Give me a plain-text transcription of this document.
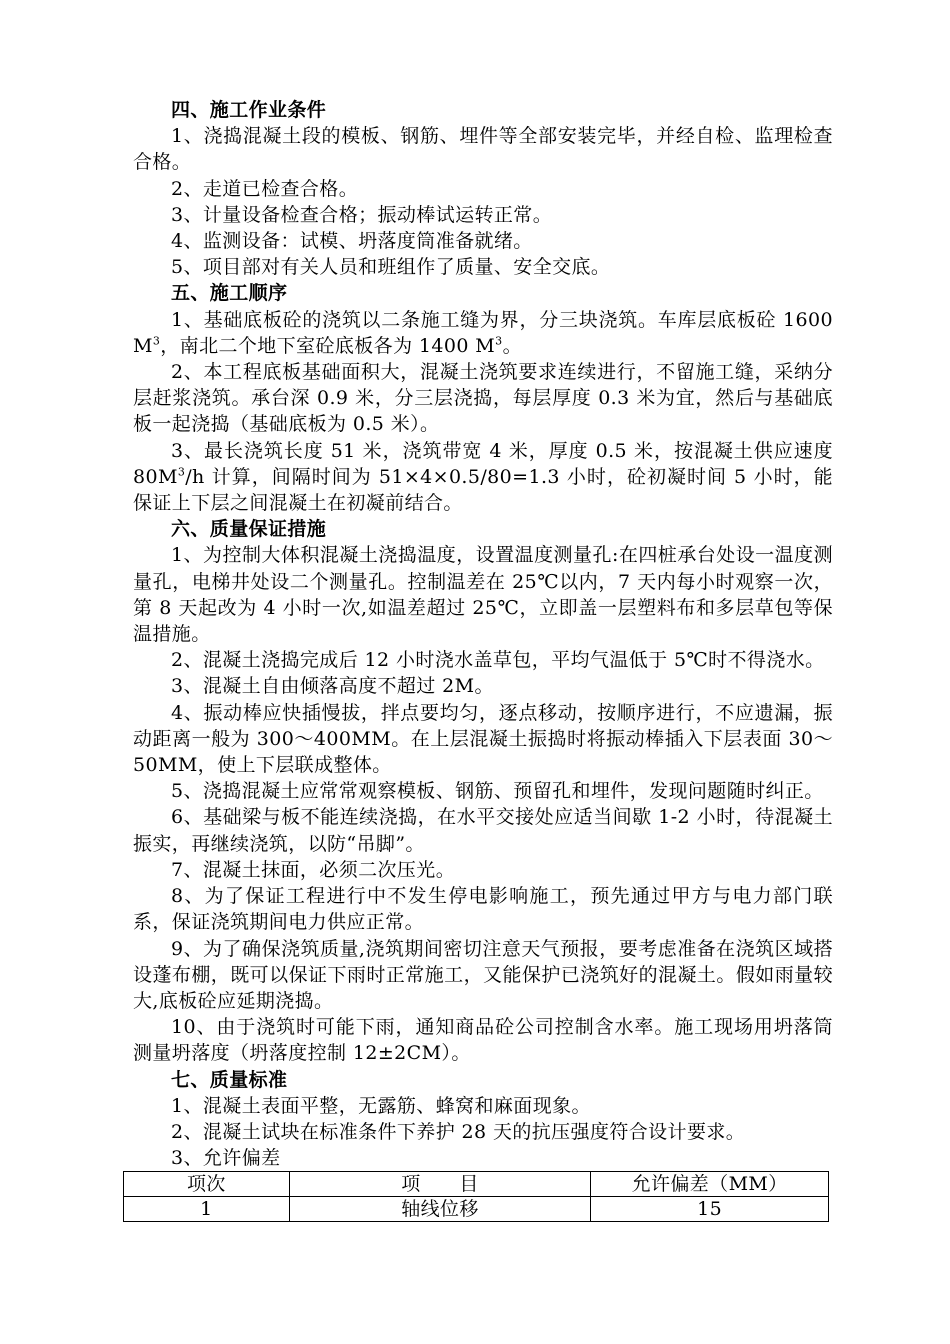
四、施工作业条件

1、浇捣混凝土段的模板、钢筋、埋件等全部安装完毕，并经自检、监理检查合格。

2、走道已检查合格。

3、计量设备检查合格；振动棒试运转正常。

4、监测设备：试模、坍落度筒准备就绪。

5、项目部对有关人员和班组作了质量、安全交底。

五、施工顺序

1、基础底板砼的浇筑以二条施工缝为界，分三块浇筑。车库层底板砼 1600 $M^3$，南北二个地下室砼底板各为 1400 $M^3$。

2、本工程底板基础面积大，混凝土浇筑要求连续进行，不留施工缝，采纳分层赶浆浇筑。承台深 0.9 米，分三层浇捣，每层厚度 0.3 米为宜，然后与基础底板一起浇捣（基础底板为 0.5 米）。

3、最长浇筑长度 51 米，浇筑带宽 4 米，厚度 0.5 米，按混凝土供应速度 $80M^3/h$ 计算，间隔时间为 51×4×0.5/80=1.3 小时，砼初凝时间 5 小时，能保证上下层之间混凝土在初凝前结合。

六、质量保证措施

1、为控制大体积混凝土浇捣温度，设置温度测量孔:在四桩承台处设一温度测量孔，电梯井处设二个测量孔。控制温差在 25℃以内，7 天内每小时观察一次，第 8 天起改为 4 小时一次,如温差超过 25℃，立即盖一层塑料布和多层草包等保温措施。

2、混凝土浇捣完成后 12 小时浇水盖草包，平均气温低于 5℃时不得浇水。

3、混凝土自由倾落高度不超过 2M。

4、振动棒应快插慢拔，拌点要均匀，逐点移动，按顺序进行，不应遗漏，振动距离一般为 300～400MM。在上层混凝土振捣时将振动棒插入下层表面 30～50MM，使上下层联成整体。

5、浇捣混凝土应常常观察模板、钢筋、预留孔和埋件，发现问题随时纠正。

6、基础梁与板不能连续浇捣，在水平交接处应适当间歇 1-2 小时，待混凝土振实，再继续浇筑，以防“吊脚”。

7、混凝土抹面，必须二次压光。

8、为了保证工程进行中不发生停电影响施工，预先通过甲方与电力部门联系，保证浇筑期间电力供应正常。

9、为了确保浇筑质量,浇筑期间密切注意天气预报，要考虑准备在浇筑区域搭设蓬布棚，既可以保证下雨时正常施工，又能保护已浇筑好的混凝土。假如雨量较大,底板砼应延期浇捣。

10、由于浇筑时可能下雨，通知商品砼公司控制含水率。施工现场用坍落筒测量坍落度（坍落度控制 12±2CM）。

七、质量标准

1、混凝土表面平整，无露筋、蜂窝和麻面现象。

2、混凝土试块在标准条件下养护 28 天的抗压强度符合设计要求。

3、允许偏差

项次	项　　目	允许偏差（MM）
1	轴线位移	15
